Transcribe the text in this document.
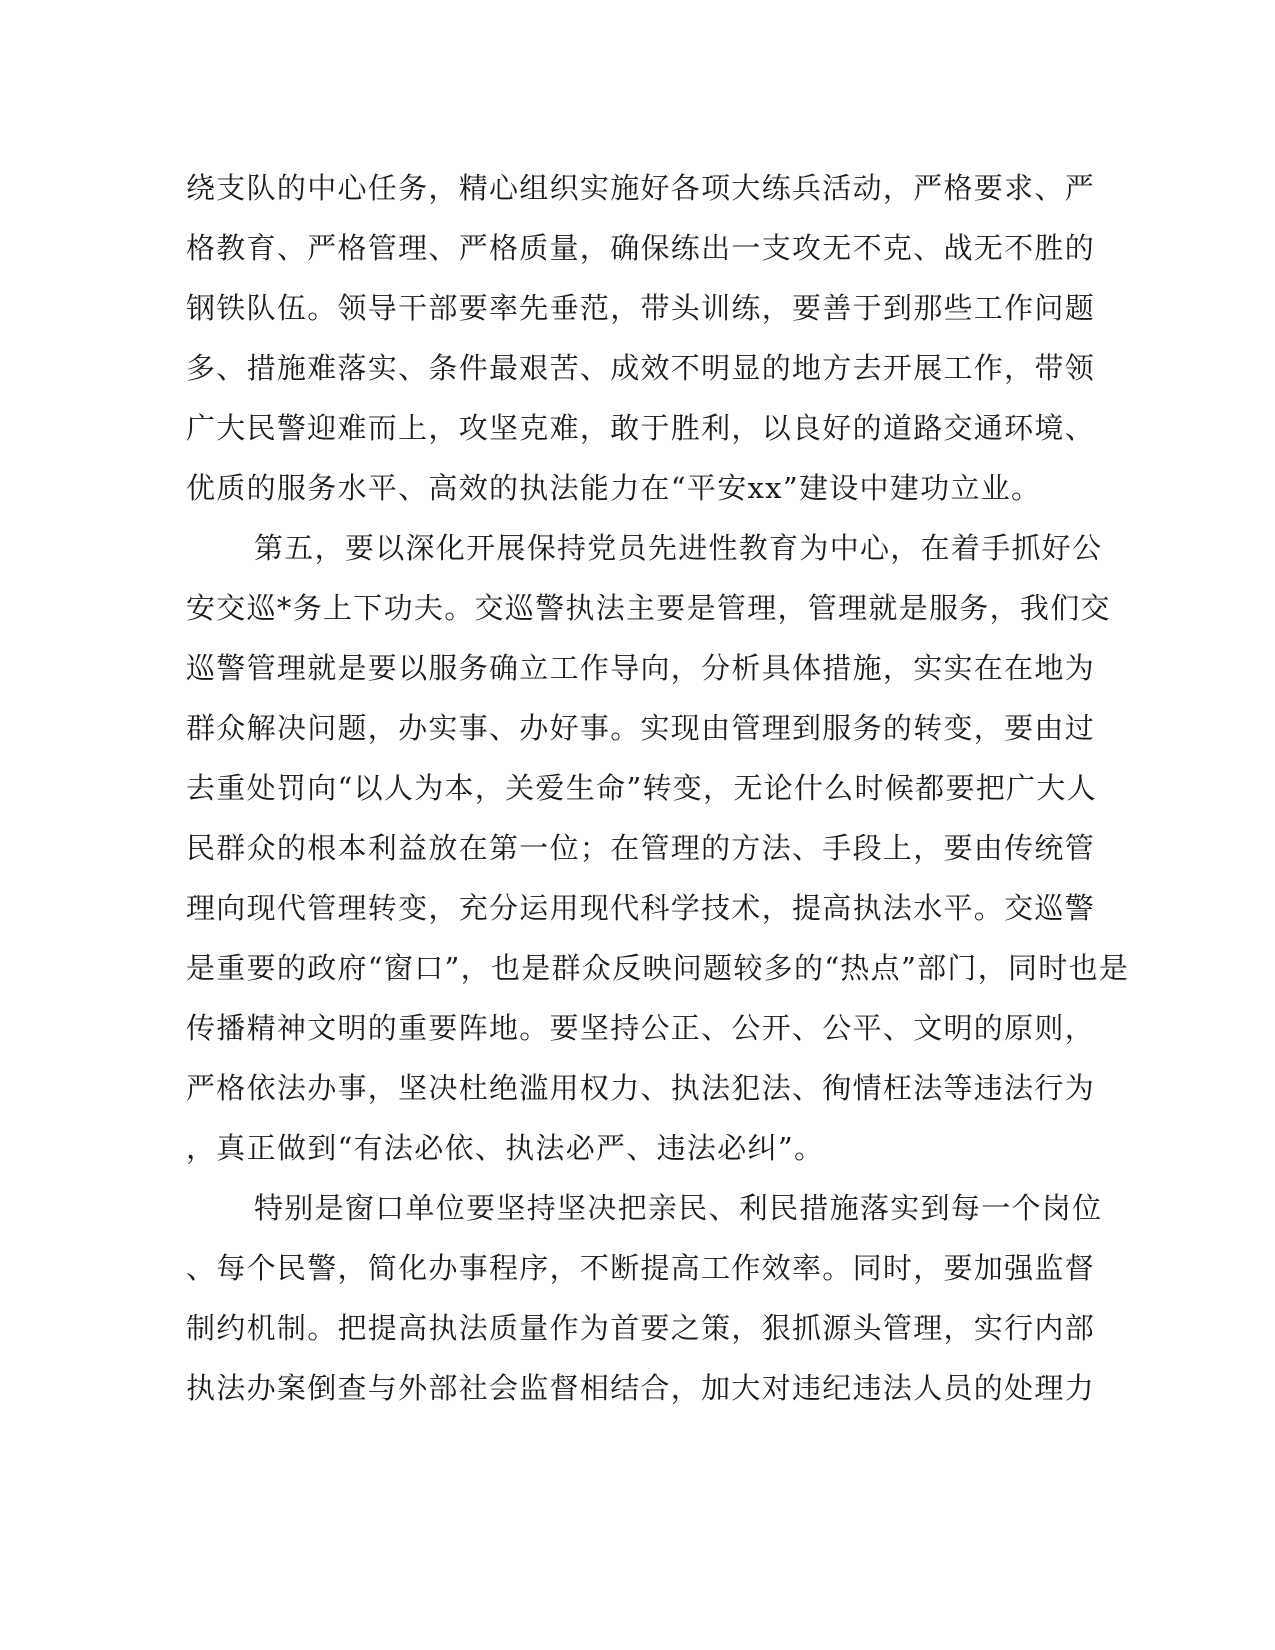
绕支队的中心任务，精心组织实施好各项大练兵活动，严格要求、严
格教育、严格管理、严格质量，确保练出一支攻无不克、战无不胜的
钢铁队伍。领导干部要率先垂范，带头训练，要善于到那些工作问题
多、措施难落实、条件最艰苦、成效不明显的地方去开展工作，带领
广大民警迎难而上，攻坚克难，敢于胜利，以良好的道路交通环境、
优质的服务水平、高效的执法能力在“平安xx”建设中建功立业。
第五，要以深化开展保持党员先进性教育为中心，在着手抓好公
安交巡*务上下功夫。交巡警执法主要是管理，管理就是服务，我们交
巡警管理就是要以服务确立工作导向，分析具体措施，实实在在地为
群众解决问题，办实事、办好事。实现由管理到服务的转变，要由过
去重处罚向“以人为本，关爱生命”转变，无论什么时候都要把广大人
民群众的根本利益放在第一位；在管理的方法、手段上，要由传统管
理向现代管理转变，充分运用现代科学技术，提高执法水平。交巡警
是重要的政府“窗口”，也是群众反映问题较多的“热点”部门，同时也是
传播精神文明的重要阵地。要坚持公正、公开、公平、文明的原则，
严格依法办事，坚决杜绝滥用权力、执法犯法、徇情枉法等违法行为
，真正做到“有法必依、执法必严、违法必纠”。
特别是窗口单位要坚持坚决把亲民、利民措施落实到每一个岗位
、每个民警，简化办事程序，不断提高工作效率。同时，要加强监督
制约机制。把提高执法质量作为首要之策，狠抓源头管理，实行内部
执法办案倒查与外部社会监督相结合，加大对违纪违法人员的处理力
